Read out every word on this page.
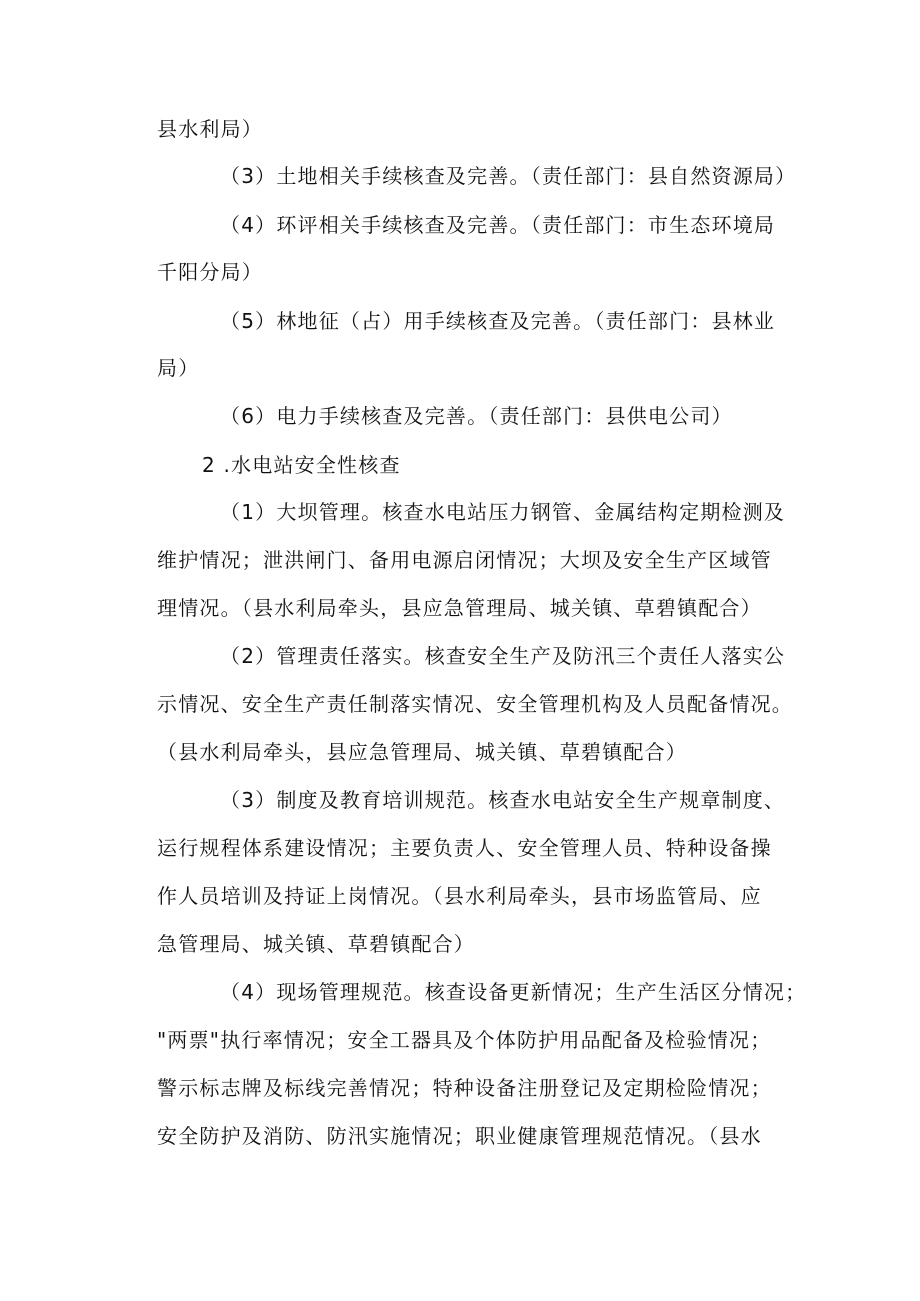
县水利局）
（3）土地相关手续核查及完善。（责任部门：县自然资源局）
（4）环评相关手续核查及完善。（责任部门：市生态环境局
千阳分局）
（5）林地征（占）用手续核查及完善。（责任部门：县林业
局）
（6）电力手续核查及完善。（责任部门：县供电公司）
2 .水电站安全性核查
（1）大坝管理。核查水电站压力钢管、金属结构定期检测及
维护情况；泄洪闸门、备用电源启闭情况；大坝及安全生产区域管
理情况。（县水利局牵头，县应急管理局、城关镇、草碧镇配合）
（2）管理责任落实。核查安全生产及防汛三个责任人落实公
示情况、安全生产责任制落实情况、安全管理机构及人员配备情况。
（县水利局牵头，县应急管理局、城关镇、草碧镇配合）
（3）制度及教育培训规范。核查水电站安全生产规章制度、
运行规程体系建设情况；主要负责人、安全管理人员、特种设备操
作人员培训及持证上岗情况。（县水利局牵头，县市场监管局、应
急管理局、城关镇、草碧镇配合）
（4）现场管理规范。核查设备更新情况；生产生活区分情况；
"两票"执行率情况；安全工器具及个体防护用品配备及检验情况；
警示标志牌及标线完善情况；特种设备注册登记及定期检险情况；
安全防护及消防、防汛实施情况；职业健康管理规范情况。（县水
